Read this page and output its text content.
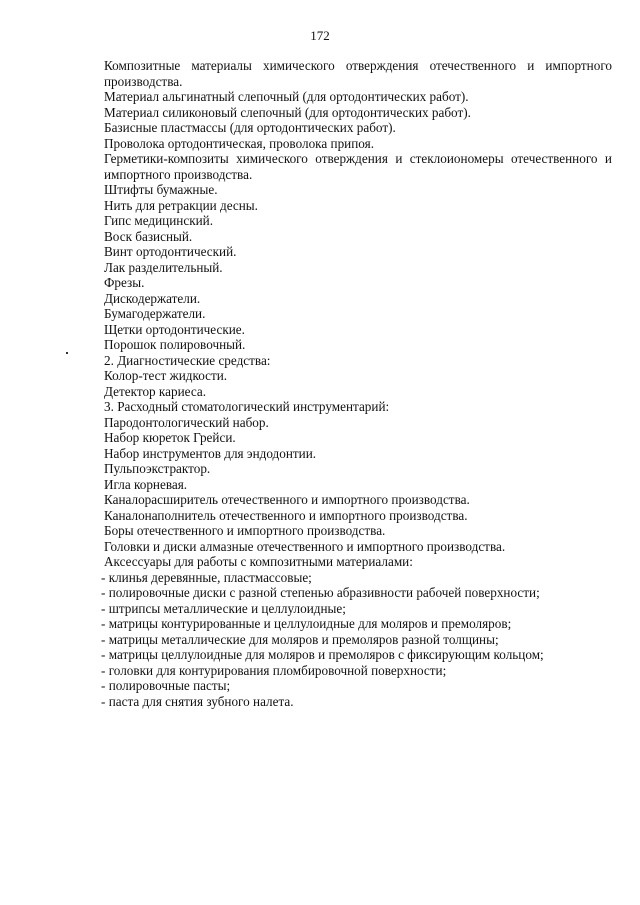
172
Композитные материалы химического отверждения отечественного и импортного производства.
Материал альгинатный слепочный (для ортодонтических работ).
Материал силиконовый слепочный (для ортодонтических работ).
Базисные пластмассы (для ортодонтических работ).
Проволока ортодонтическая, проволока припоя.
Герметики-композиты химического отверждения и стеклоиономеры отечественного и импортного производства.
Штифты бумажные.
Нить для ретракции десны.
Гипс медицинский.
Воск базисный.
Винт ортодонтический.
Лак разделительный.
Фрезы.
Дискодержатели.
Бумагодержатели.
Щетки ортодонтические.
Порошок полировочный.
2. Диагностические средства:
Колор-тест жидкости.
Детектор кариеса.
3. Расходный стоматологический инструментарий:
Пародонтологический набор.
Набор кюреток Грейси.
Набор инструментов для эндодонтии.
Пульпоэкстрактор.
Игла корневая.
Каналорасширитель отечественного и импортного производства.
Каналонаполнитель отечественного и импортного производства.
Боры отечественного и импортного производства.
Головки и диски алмазные отечественного и импортного производства.
Аксессуары для работы с композитными материалами:
- клинья деревянные, пластмассовые;
- полировочные диски с разной степенью абразивности рабочей поверхности;
- штрипсы металлические и целлулоидные;
- матрицы контурированные и целлулоидные для моляров и премоляров;
- матрицы металлические для моляров и премоляров разной толщины;
- матрицы целлулоидные для моляров и премоляров с фиксирующим кольцом;
- головки для контурирования пломбировочной поверхности;
- полировочные пасты;
- паста для снятия зубного налета.
